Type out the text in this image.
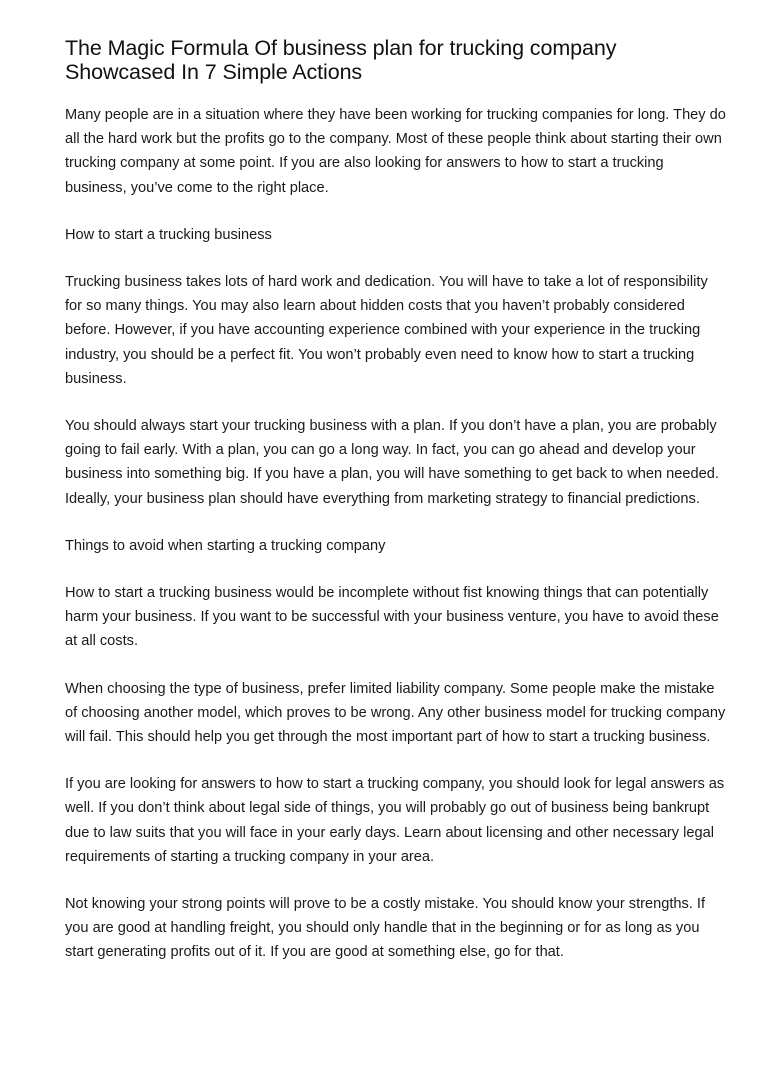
The Magic Formula Of business plan for trucking company
Showcased In 7 Simple Actions

Many people are in a situation where they have been working for trucking companies for long. They do all the hard work but the profits go to the company. Most of these people think about starting their own trucking company at some point. If you are also looking for answers to how to start a trucking business, you’ve come to the right place.

How to start a trucking business

Trucking business takes lots of hard work and dedication. You will have to take a lot of responsibility for so many things. You may also learn about hidden costs that you haven’t probably considered before. However, if you have accounting experience combined with your experience in the trucking industry, you should be a perfect fit. You won’t probably even need to know how to start a trucking business.

You should always start your trucking business with a plan. If you don’t have a plan, you are probably going to fail early. With a plan, you can go a long way. In fact, you can go ahead and develop your business into something big. If you have a plan, you will have something to get back to when needed. Ideally, your business plan should have everything from marketing strategy to financial predictions.

Things to avoid when starting a trucking company

How to start a trucking business would be incomplete without fist knowing things that can potentially harm your business. If you want to be successful with your business venture, you have to avoid these at all costs.

When choosing the type of business, prefer limited liability company. Some people make the mistake of choosing another model, which proves to be wrong. Any other business model for trucking company will fail. This should help you get through the most important part of how to start a trucking business.

If you are looking for answers to how to start a trucking company, you should look for legal answers as well. If you don’t think about legal side of things, you will probably go out of business being bankrupt due to law suits that you will face in your early days. Learn about licensing and other necessary legal requirements of starting a trucking company in your area.

Not knowing your strong points will prove to be a costly mistake. You should know your strengths. If you are good at handling freight, you should only handle that in the beginning or for as long as you start generating profits out of it. If you are good at something else, go for that.
